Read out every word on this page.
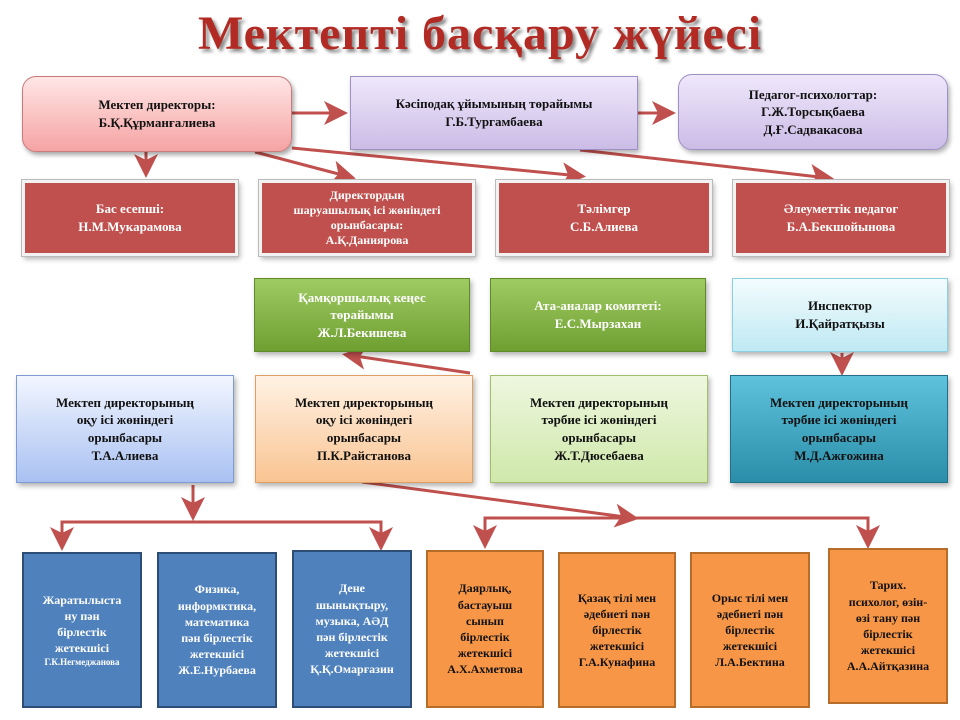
Мектепті басқару жүйесі
Мектеп директоры:
Б.Қ.Құрманғалиева
Кәсіподақ ұйымының төрайымы
Г.Б.Тургамбаева
Педагог-психологтар:
Г.Ж.Торсықбаева
Д.Ғ.Садвакасова
Бас есепші:
Н.М.Мукарамова
Директордың
шаруашылық ісі жөніндегі
орынбасары:
А.Қ.Даниярова
Тәлімгер
С.Б.Алиева
Әлеуметтік педагог
Б.А.Бекшойынова
Қамқоршылық кеңес
төрайымы
Ж.Л.Бекишева
Ата-аналар комитеті:
Е.С.Мырзахан
Инспектор
И.Қайратқызы
Мектеп директорының
оқу ісі жөніндегі
орынбасары
Т.А.Алиева
Мектеп директорының
оқу ісі жөніндегі
орынбасары
П.К.Райстанова
Мектеп директорының
тәрбие ісі жөніндегі
орынбасары
Ж.Т.Дюсебаева
Мектеп директорының
тәрбие ісі жөніндегі
орынбасары
М.Д.Ажғожина
Жаратылыста
ну пән
бірлестік
жетекшісі
Г.К.Негмеджанова
Физика,
информктика,
математика
пән бірлестік
жетекшісі
Ж.Е.Нурбаева
Дене
шынықтыру,
музыка, АӘД
пән бірлестік
жетекшісі
Қ.Қ.Омарғазин
Даярлық,
бастауыш
сынып
бірлестік
жетекшісі
А.Х.Ахметова
Қазақ тілі мен
әдебиеті пән
бірлестік
жетекшісі
Г.А.Кунафина
Орыс тілі мен
әдебиеті пән
бірлестік
жетекшісі
Л.А.Бектина
Тарих.
психолог, өзін-
өзі тану пән
бірлестік
жетекшісі
А.А.Айтқазина
